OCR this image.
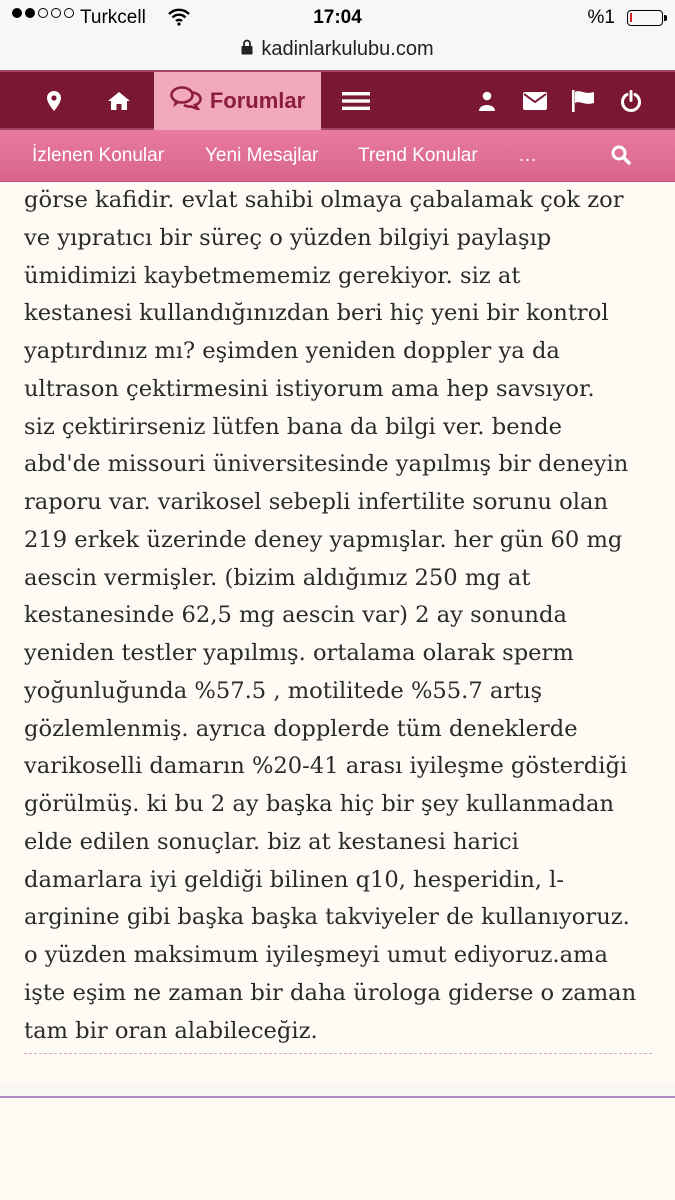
Turkcell	17:04	%1
kadinlarkulubu.com
Forumlar
İzlenen Konular Yeni Mesajlar Trend Konular …

görse kafidir. evlat sahibi olmaya çabalamak çok zor

ve yıpratıcı bir süreç o yüzden bilgiyi paylaşıp

ümidimizi kaybetmememiz gerekiyor. siz at

kestanesi kullandığınızdan beri hiç yeni bir kontrol

yaptırdınız mı? eşimden yeniden doppler ya da

ultrason çektirmesini istiyorum ama hep savsıyor.

siz çektirirseniz lütfen bana da bilgi ver. bende

abd'de missouri üniversitesinde yapılmış bir deneyin

raporu var. varikosel sebepli infertilite sorunu olan

219 erkek üzerinde deney yapmışlar. her gün 60 mg

aescin vermişler. (bizim aldığımız 250 mg at

kestanesinde 62,5 mg aescin var) 2 ay sonunda

yeniden testler yapılmış. ortalama olarak sperm

yoğunluğunda %57.5 , motilitede %55.7 artış

gözlemlenmiş. ayrıca dopplerde tüm deneklerde

varikoselli damarın %20-41 arası iyileşme gösterdiği

görülmüş. ki bu 2 ay başka hiç bir şey kullanmadan

elde edilen sonuçlar. biz at kestanesi harici

damarlara iyi geldiği bilinen q10, hesperidin, l-

arginine gibi başka başka takviyeler de kullanıyoruz.

o yüzden maksimum iyileşmeyi umut ediyoruz.ama

işte eşim ne zaman bir daha ürologa giderse o zaman

tam bir oran alabileceğiz.
